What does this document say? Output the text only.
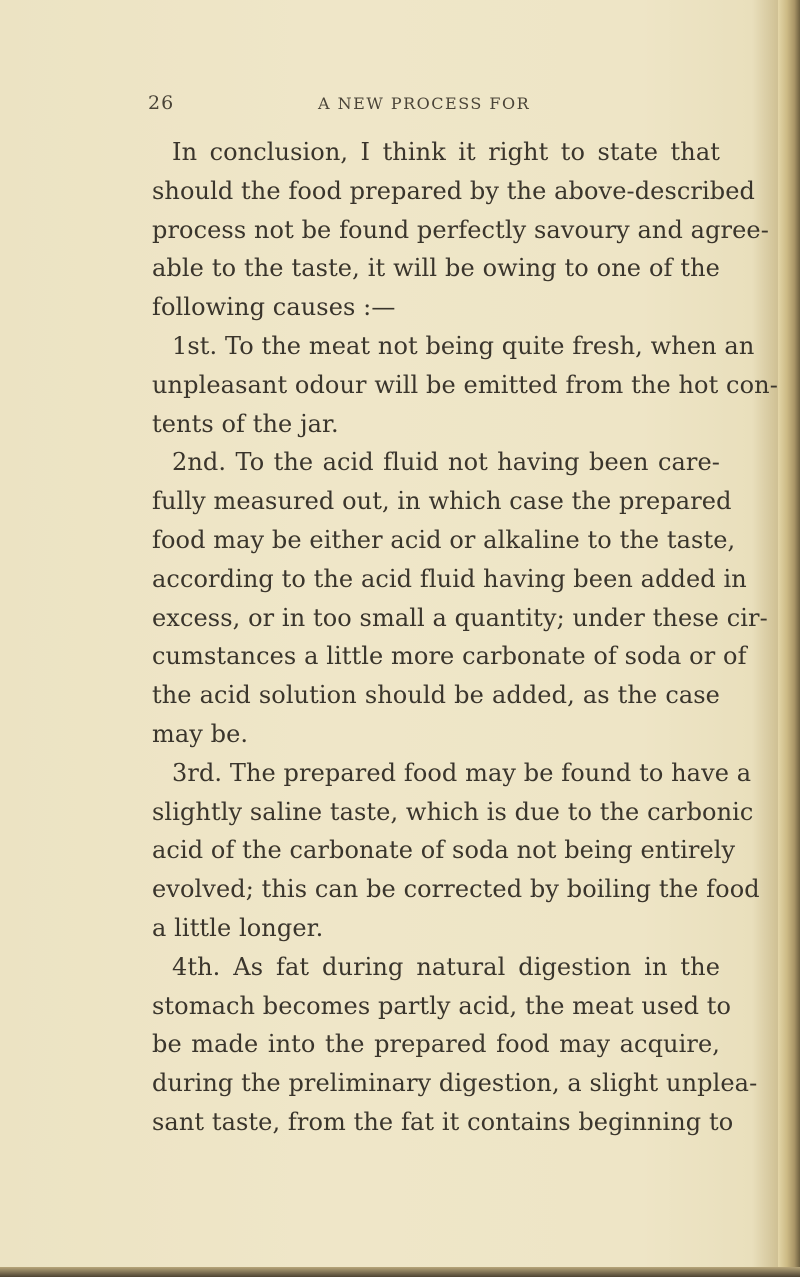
26	A NEW PROCESS FOR
In conclusion, I think it right to state that
should the food prepared by the above-described
process not be found perfectly savoury and agree-
able to the taste, it will be owing to one of the
following causes :—
1st. To the meat not being quite fresh, when an
unpleasant odour will be emitted from the hot con-
tents of the jar.
2nd. To the acid fluid not having been care-
fully measured out, in which case the prepared
food may be either acid or alkaline to the taste,
according to the acid fluid having been added in
excess, or in too small a quantity; under these cir-
cumstances a little more carbonate of soda or of
the acid solution should be added, as the case
may be.
3rd. The prepared food may be found to have a
slightly saline taste, which is due to the carbonic
acid of the carbonate of soda not being entirely
evolved; this can be corrected by boiling the food
a little longer.
4th. As fat during natural digestion in the
stomach becomes partly acid, the meat used to
be made into the prepared food may acquire,
during the preliminary digestion, a slight unplea-
sant taste, from the fat it contains beginning to
